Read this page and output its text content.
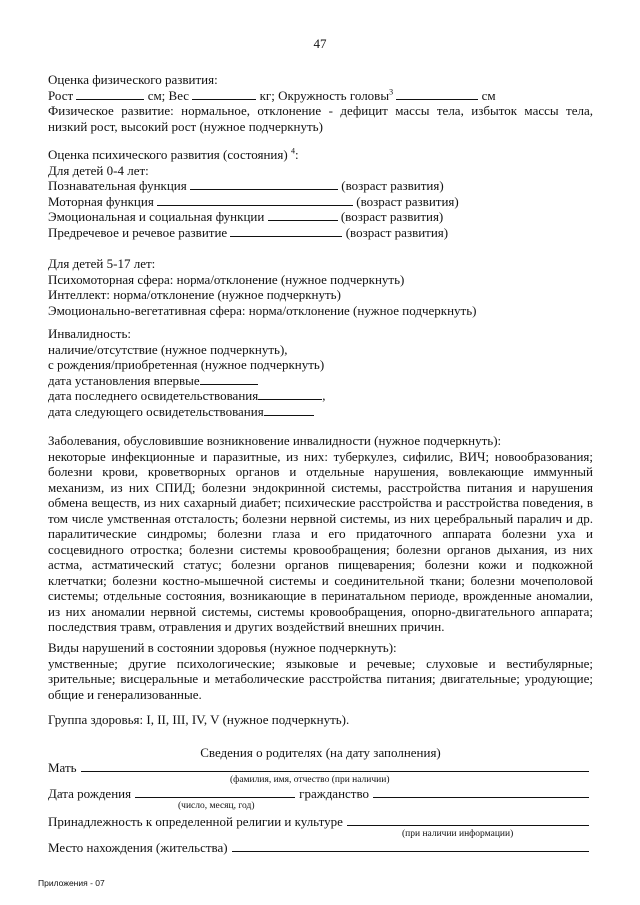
47

Оценка физического развития:

Рост	см; Вес	кг; Окружность головы$^3$	см

Физическое развитие: нормальное, отклонение - дефицит массы тела, избыток массы тела, низкий рост, высокий рост (нужное подчеркнуть)

Оценка психического развития (состояния) $^4$:

Для детей 0-4 лет:

Познавательная функция	(возраст развития)

Моторная функция	(возраст развития)

Эмоциональная и социальная функции	(возраст развития)

Предречевое и речевое развитие	(возраст развития)

Для детей 5-17 лет:

Психомоторная сфера: норма/отклонение (нужное подчеркнуть)

Интеллект: норма/отклонение (нужное подчеркнуть)

Эмоционально-вегетативная сфера: норма/отклонение (нужное подчеркнуть)

Инвалидность:

наличие/отсутствие (нужное подчеркнуть),

с рождения/приобретенная (нужное подчеркнуть)

дата установления впервые

дата последнего освидетельствования	,

дата следующего освидетельствования

Заболевания, обусловившие возникновение инвалидности (нужное подчеркнуть):

некоторые инфекционные и паразитные, из них: туберкулез, сифилис, ВИЧ; новообразования; болезни крови, кроветворных органов и отдельные нарушения, вовлекающие иммунный механизм, из них СПИД; болезни эндокринной системы, расстройства питания и нарушения обмена веществ, из них сахарный диабет; психические расстройства и расстройства поведения, в том числе умственная отсталость; болезни нервной системы, из них церебральный паралич и др. паралитические синдромы; болезни глаза и его придаточного аппарата болезни уха и сосцевидного отростка; болезни системы кровообращения; болезни органов дыхания, из них астма, астматический статус; болезни органов пищеварения; болезни кожи и подкожной клетчатки; болезни костно-мышечной системы и соединительной ткани; болезни мочеполовой системы; отдельные состояния, возникающие в перинатальном периоде, врожденные аномалии, из них аномалии нервной системы, системы кровообращения, опорно-двигательного аппарата; последствия травм, отравления и других воздействий внешних причин.

Виды нарушений в состоянии здоровья (нужное подчеркнуть):

умственные; другие психологические; языковые и речевые; слуховые и вестибулярные; зрительные; висцеральные и метаболические расстройства питания; двигательные; уродующие; общие и генерализованные.

Группа здоровья: I, II, III, IV, V (нужное подчеркнуть).

Сведения о родителях (на дату заполнения)

Мать
(фамилия, имя, отчество (при наличии)
Дата рождения	гражданство
(число, месяц, год)
Принадлежность к определенной религии и культуре
(при наличии информации)
Место нахождения (жительства)
Приложения - 07
